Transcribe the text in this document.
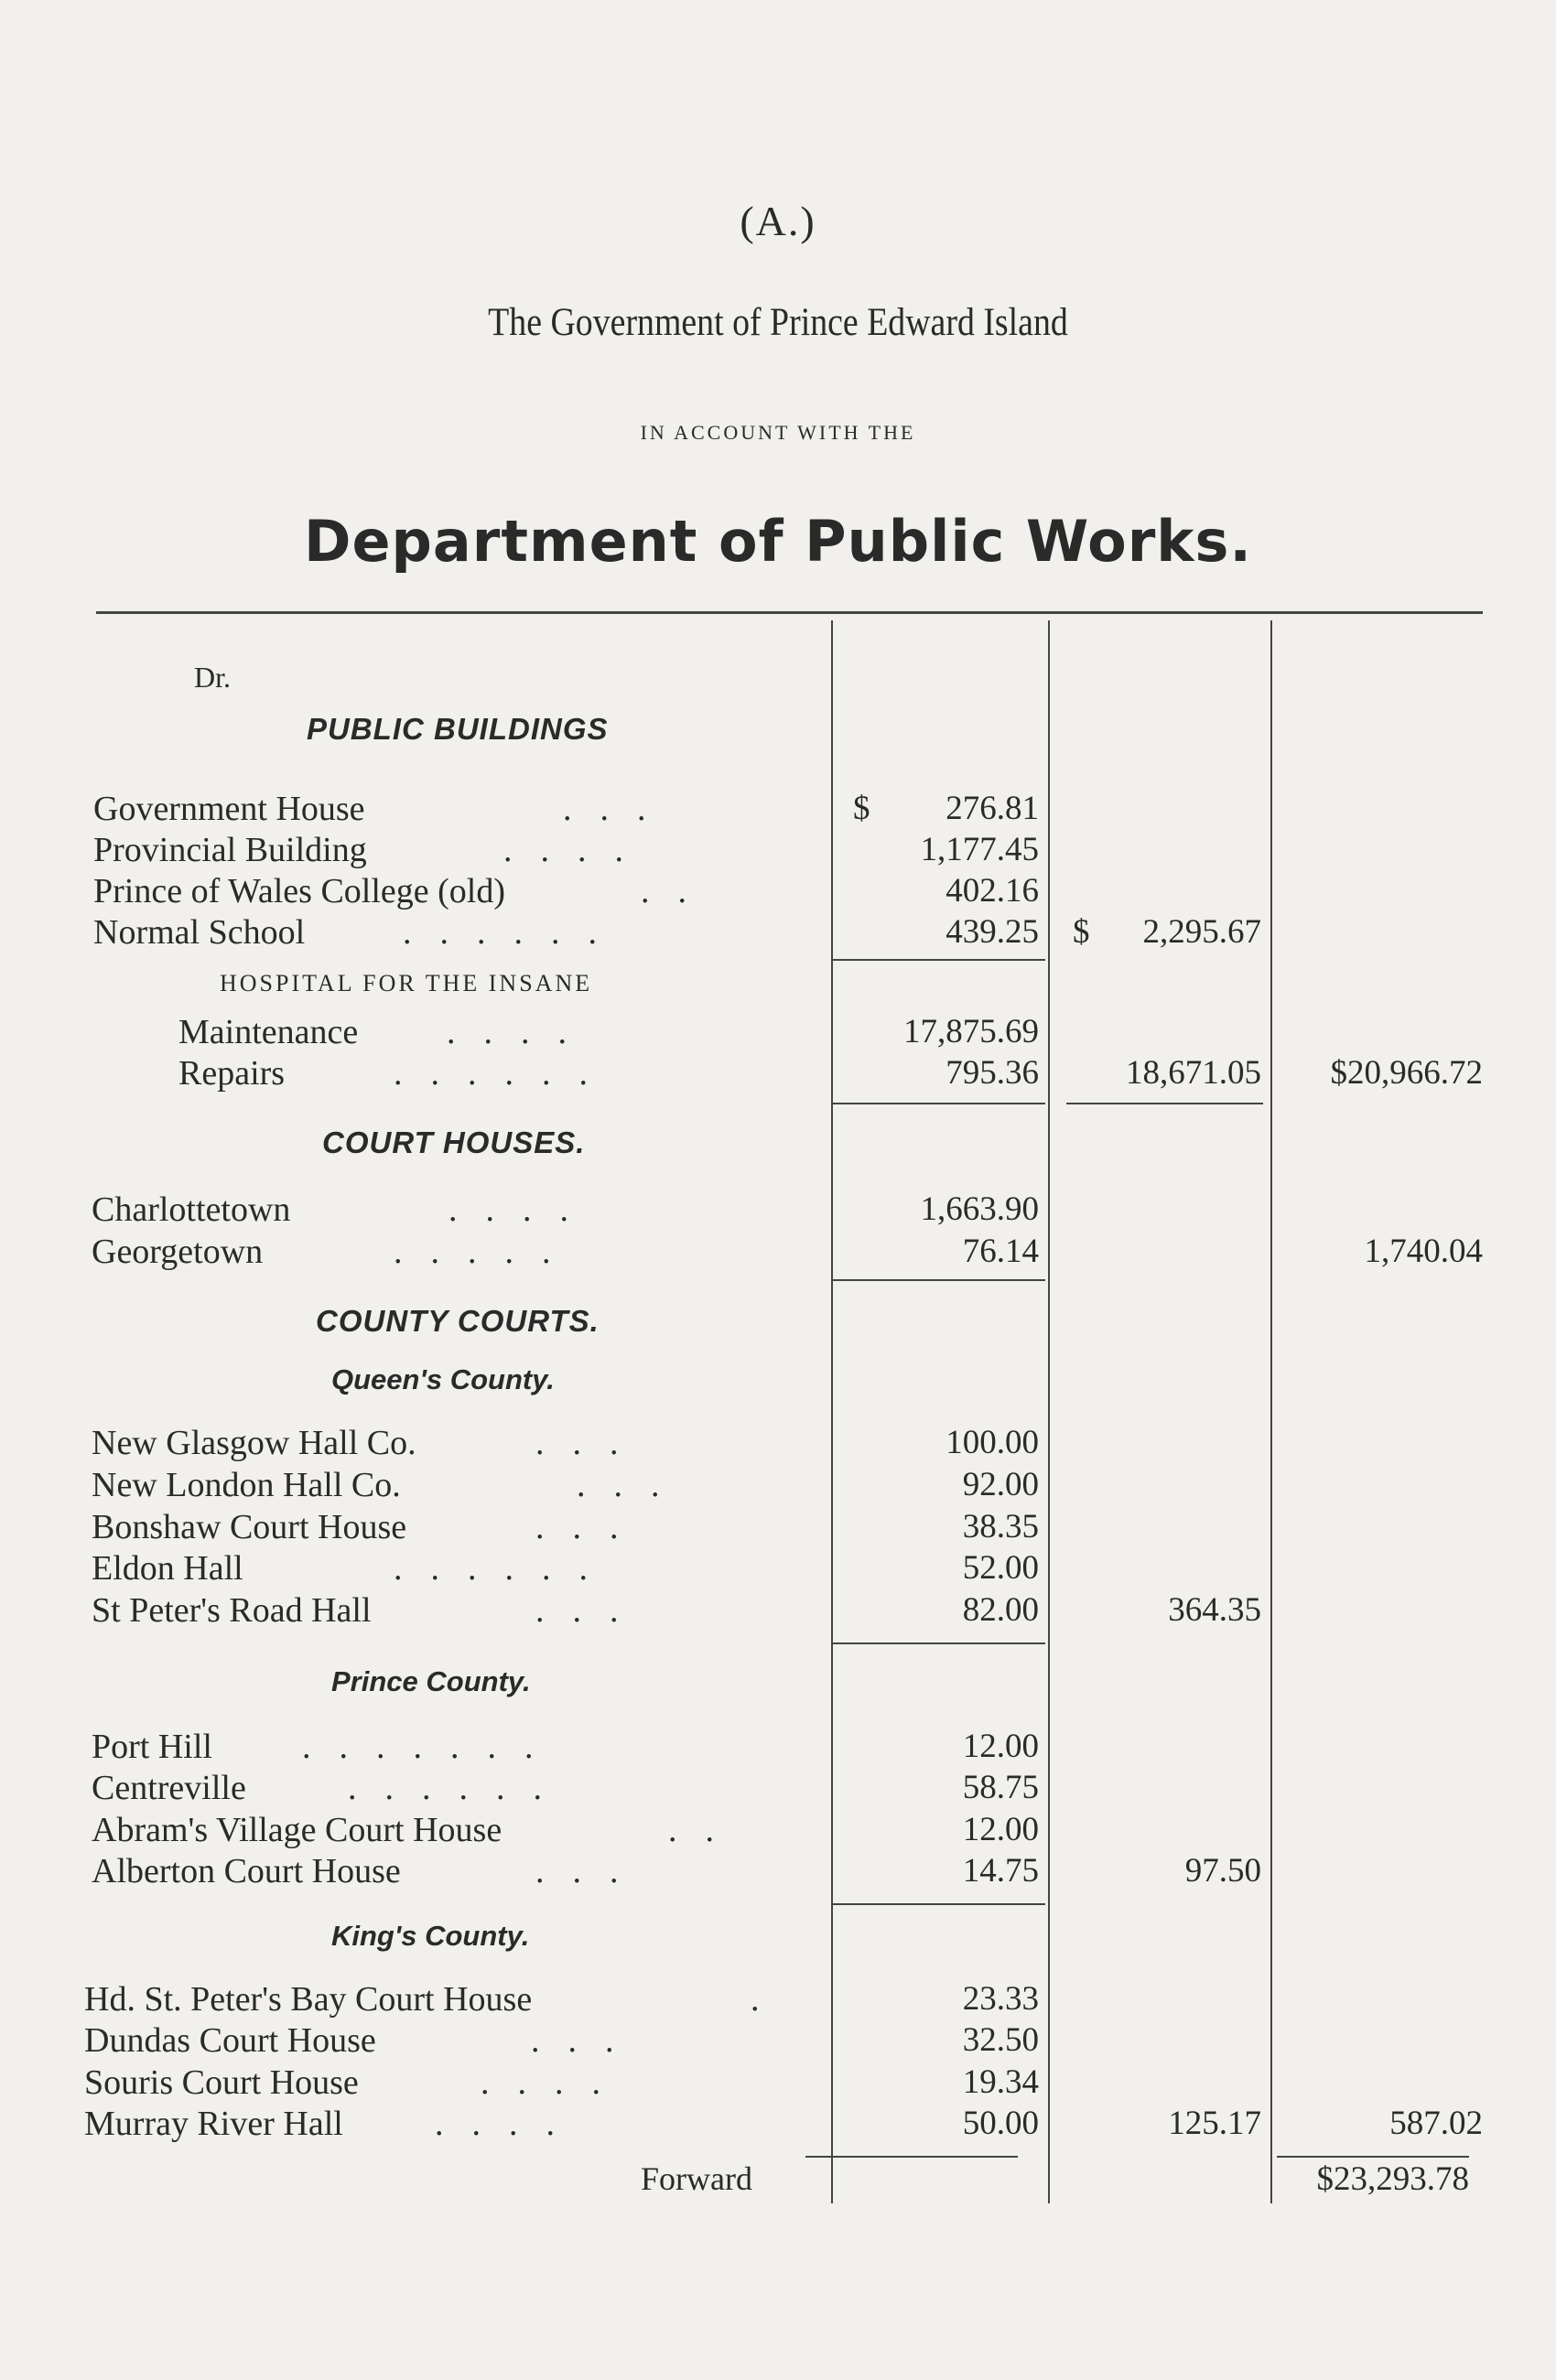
(A.)
The Government of Prince Edward Island
IN ACCOUNT WITH THE
Department of Public Works.
Dr.
PUBLIC BUILDINGS
Government House	...	$ 276.81
Provincial Building	....	1,177.45
Prince of Wales College (old)	..	402.16
Normal School	......	439.25 $ 2,295.67
HOSPITAL FOR THE INSANE
Maintenance	....	17,875.69
Repairs	......	795.36	18,671.05 $20,966.72
COURT HOUSES.
Charlottetown	....	1,663.90
Georgetown	.....	76.14	1,740.04
COUNTY COURTS.
Queen's County.
New Glasgow Hall Co.	...	100.00
New London Hall Co.	...	92.00
Bonshaw Court House	...	38.35
Eldon Hall	......	52.00
St Peter's Road Hall	...	82.00	364.35
Prince County.
Port Hill	.......	12.00
Centreville	......	58.75
Abram's Village Court House	..	12.00
Alberton Court House	...	14.75	97.50
King's County.
Hd. St. Peter's Bay Court House	.	23.33
Dundas Court House	...	32.50
Souris Court House	....	19.34
Murray River Hall	....	50.00	125.17	587.02
Forward	$23,293.78
